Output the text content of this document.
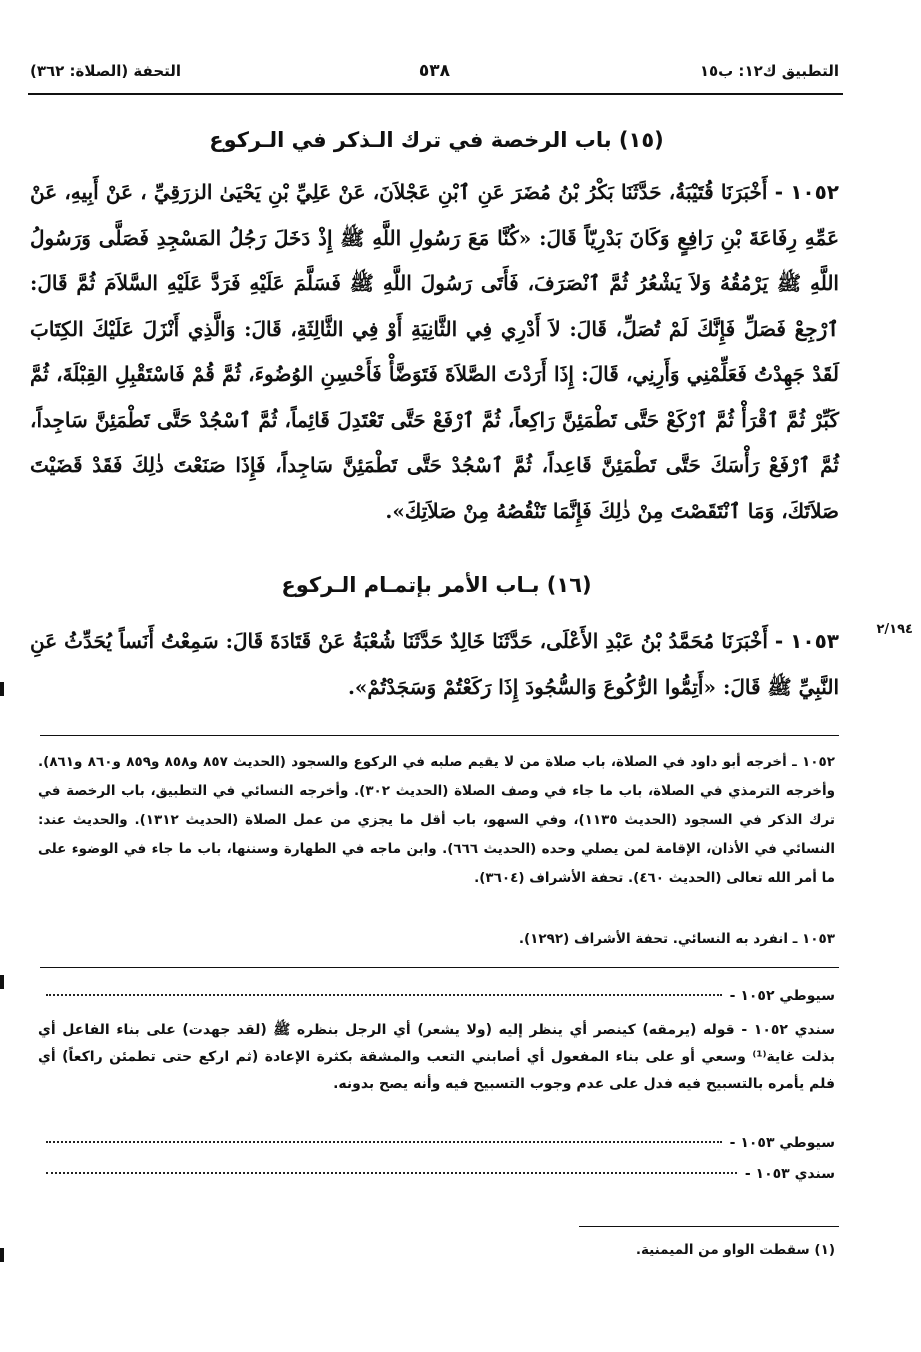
التحفة (الصلاة: ٣٦٢)	٥٣٨	التطبيق ك١٢: ب١٥
(١٥) باب الرخصة في ترك الـذكر في الـركوع
١٠٥٢ - أَخْبَرَنَا قُتَيْبَةُ، حَدَّثَنَا بَكْرُ بْنُ مُضَرَ عَنِ ٱبْنِ عَجْلاَنَ، عَنْ عَلِيِّ بْنِ يَحْيَىٰ الزرَقِيِّ ، عَنْ أَبِيهِ، عَنْ عَمِّهِ رِفَاعَةَ بْنِ رَافِعٍ وَكَانَ بَدْرِيّاً قَالَ: «كُنَّا مَعَ رَسُولِ اللَّهِ ﷺ إِذْ دَخَلَ رَجُلُ المَسْجِدِ فَصَلَّى وَرَسُولُ اللَّهِ ﷺ يَرْمُقُهُ وَلاَ يَشْعُرُ ثُمَّ ٱنْصَرَفَ، فَأَتَى رَسُولَ اللَّهِ ﷺ فَسَلَّمَ عَلَيْهِ فَرَدَّ عَلَيْهِ السَّلاَمَ ثُمَّ قَالَ: ٱرْجِعْ فَصَلِّ فَإِنَّكَ لَمْ تُصَلِّ، قَالَ: لاَ أَدْرِي فِي الثَّانِيَةِ أَوْ فِي الثَّالِثَةِ، قَالَ: وَالَّذِي أَنْزَلَ عَلَيْكَ الكِتَابَ لَقَدْ جَهِدْتُ فَعَلِّمْنِي وَأَرِنِي، قَالَ: إِذَا أَرَدْتَ الصَّلاَةَ فَتَوَضَّأْ فَأَحْسِنِ الوُضُوءَ، ثُمَّ قُمْ فَاسْتَقْبِلِ القِبْلَةَ، ثُمَّ كَبِّرْ ثُمَّ ٱقْرَأْ ثُمَّ ٱرْكَعْ حَتَّى تَطْمَئِنَّ رَاكِعاً، ثُمَّ ٱرْفَعْ حَتَّى تَعْتَدِلَ قَائِماً، ثُمَّ ٱسْجُدْ حَتَّى تَطْمَئِنَّ سَاجِداً، ثُمَّ ٱرْفَعْ رَأْسَكَ حَتَّى تَطْمَئِنَّ قَاعِداً، ثُمَّ ٱسْجُدْ حَتَّى تَطْمَئِنَّ سَاجِداً، فَإِذَا صَنَعْتَ ذٰلِكَ فَقَدْ قَضَيْتَ صَلاَتَكَ، وَمَا ٱنْتَقَصْتَ مِنْ ذٰلِكَ فَإِنَّمَا تَنْقُصُهُ مِنْ صَلاَتِكَ».
(١٦) بـاب الأمر بإتمـام الـركوع
٢/١٩٤
١٠٥٣ - أَخْبَرَنَا مُحَمَّدُ بْنُ عَبْدِ الأَعْلَى، حَدَّثَنَا خَالِدٌ حَدَّثَنَا شُعْبَةُ عَنْ قَتَادَةَ قَالَ: سَمِعْتُ أَنَساً يُحَدِّثُ عَنِ النَّبِيِّ ﷺ قَالَ: «أَتِمُّوا الرُّكُوعَ وَالسُّجُودَ إِذَا رَكَعْتُمْ وَسَجَدْتُمْ».
١٠٥٢ ـ أخرجه أبو داود في الصلاة، باب صلاة من لا يقيم صلبه في الركوع والسجود (الحديث ٨٥٧ و٨٥٨ و٨٥٩ و٨٦٠ و٨٦١). وأخرجه الترمذي في الصلاة، باب ما جاء في وصف الصلاة (الحديث ٣٠٢). وأخرجه النسائي في التطبيق، باب الرخصة في ترك الذكر في السجود (الحديث ١١٣٥)، وفي السهو، باب أقل ما يجزي من عمل الصلاة (الحديث ١٣١٢). والحديث عند: النسائي في الأذان، الإقامة لمن يصلي وحده (الحديث ٦٦٦). وابن ماجه في الطهارة وسننها، باب ما جاء في الوضوء على ما أمر الله تعالى (الحديث ٤٦٠). تحفة الأشراف (٣٦٠٤).
١٠٥٣ ـ انفرد به النسائي. تحفة الأشراف (١٢٩٢).
سيوطي ١٠٥٢ -
سندي ١٠٥٢ - قوله (يرمقه) كينصر أي ينظر إليه (ولا يشعر) أي الرجل بنظره ﷺ (لقد جهدت) على بناء الفاعل أي بذلت غاية⁽¹⁾ وسعي أو على بناء المفعول أي أصابني التعب والمشقة بكثرة الإعادة (ثم اركع حتى تطمئن راكعاً) أي فلم يأمره بالتسبيح فيه فدل على عدم وجوب التسبيح فيه وأنه يصح بدونه.
سيوطي ١٠٥٣ -
سندي ١٠٥٣ -
(١) سقطت الواو من الميمنية.
